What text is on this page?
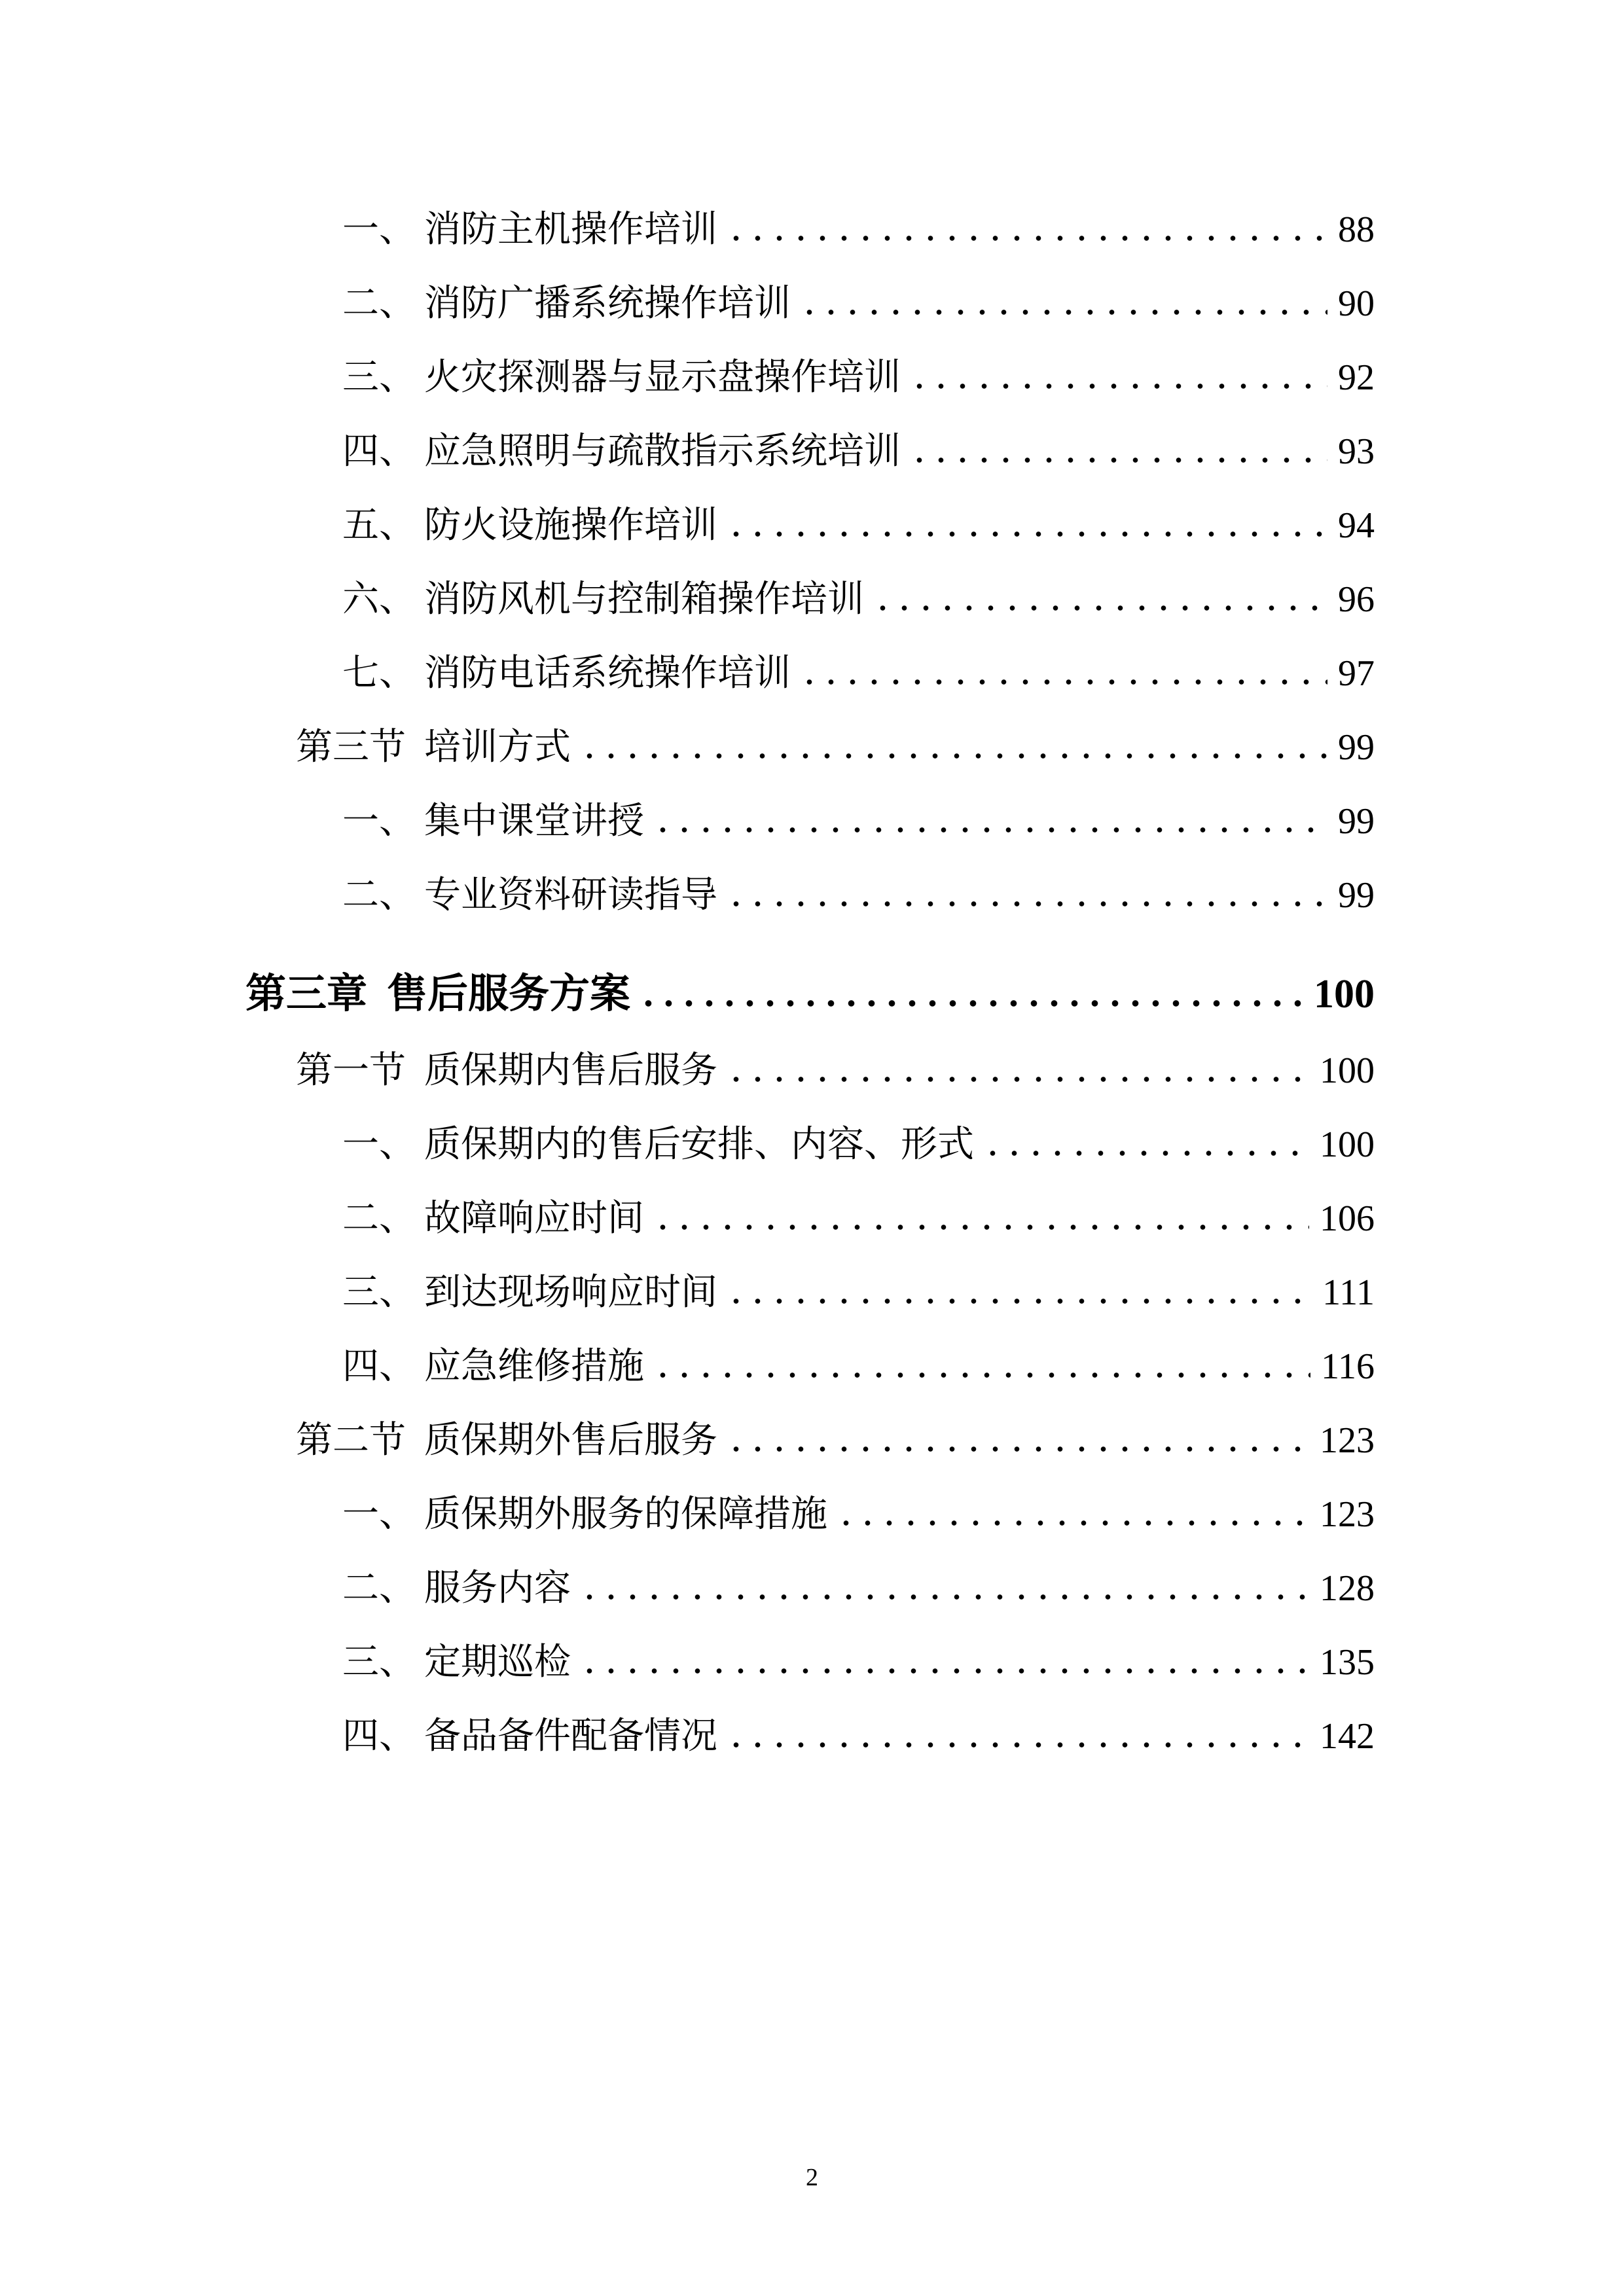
一、 消防主机操作培训	88
二、 消防广播系统操作培训	90
三、 火灾探测器与显示盘操作培训	92
四、 应急照明与疏散指示系统培训	93
五、 防火设施操作培训	94
六、 消防风机与控制箱操作培训	96
七、 消防电话系统操作培训	97
第三节 培训方式	99
一、 集中课堂讲授	99
二、 专业资料研读指导	99
第三章 售后服务方案	100
第一节 质保期内售后服务	100
一、 质保期内的售后安排、内容、形式	100
二、 故障响应时间	106
三、 到达现场响应时间	111
四、 应急维修措施	116
第二节 质保期外售后服务	123
一、 质保期外服务的保障措施	123
二、 服务内容	128
三、 定期巡检	135
四、 备品备件配备情况	142
2
